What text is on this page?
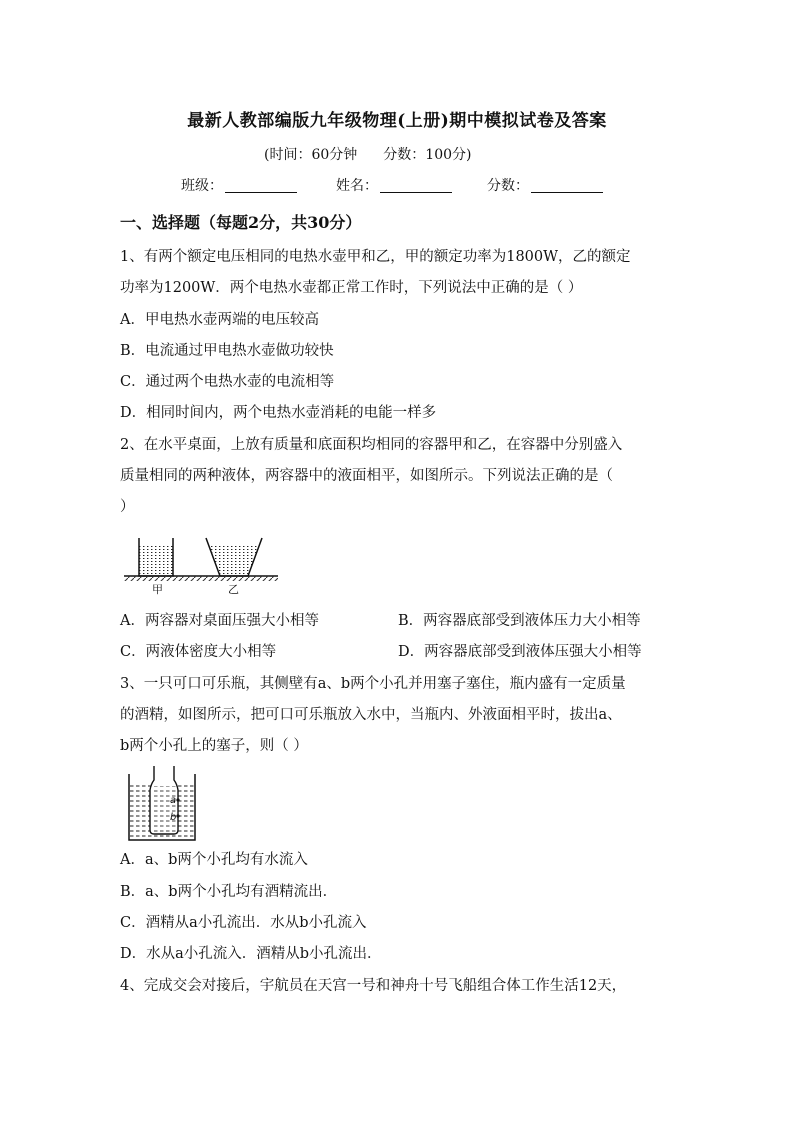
最新人教部编版九年级物理(上册)期中模拟试卷及答案
(时间：60分钟 分数：100分)
班级：	姓名：	分数：
一、选择题（每题2分，共30分）
1、有两个额定电压相同的电热水壶甲和乙，甲的额定功率为1800W，乙的额定
功率为1200W．两个电热水壶都正常工作时，下列说法中正确的是（ ）
A．甲电热水壶两端的电压较高
B．电流通过甲电热水壶做功较快
C．通过两个电热水壶的电流相等
D．相同时间内，两个电热水壶消耗的电能一样多
2、在水平桌面，上放有质量和底面积均相同的容器甲和乙，在容器中分别盛入
质量相同的两种液体，两容器中的液面相平，如图所示。下列说法正确的是（
）
甲	乙
A．两容器对桌面压强大小相等	B．两容器底部受到液体压力大小相等
C．两液体密度大小相等	D．两容器底部受到液体压强大小相等
3、一只可口可乐瓶，其侧壁有a、b两个小孔并用塞子塞住，瓶内盛有一定质量
的酒精，如图所示，把可口可乐瓶放入水中，当瓶内、外液面相平时，拔出a、
b两个小孔上的塞子，则（ ）
a
b
A．a、b两个小孔均有水流入
B．a、b两个小孔均有酒精流出．
C．酒精从a小孔流出．水从b小孔流入
D．水从a小孔流入．酒精从b小孔流出．
4、完成交会对接后，宇航员在天宫一号和神舟十号飞船组合体工作生活12天，
